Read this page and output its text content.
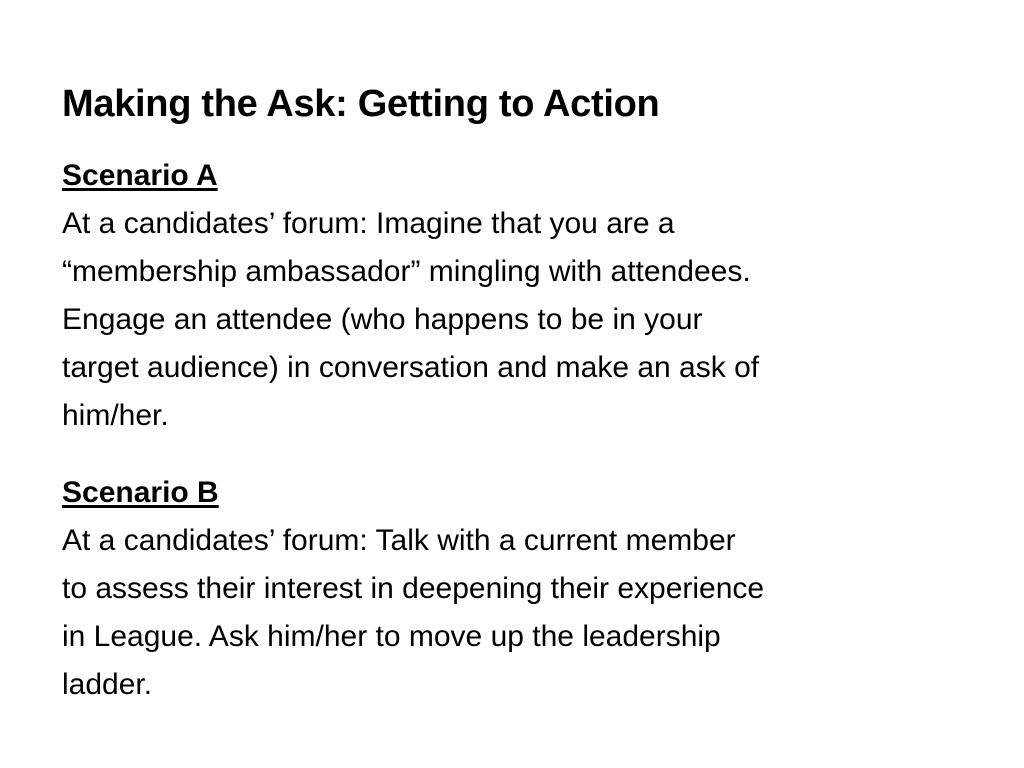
Making the Ask: Getting to Action
Scenario A
At a candidates’ forum: Imagine that you are a
“membership ambassador” mingling with attendees.
Engage an attendee (who happens to be in your
target audience) in conversation and make an ask of
him/her.
Scenario B
At a candidates’ forum: Talk with a current member
to assess their interest in deepening their experience
in League. Ask him/her to move up the leadership
ladder.
